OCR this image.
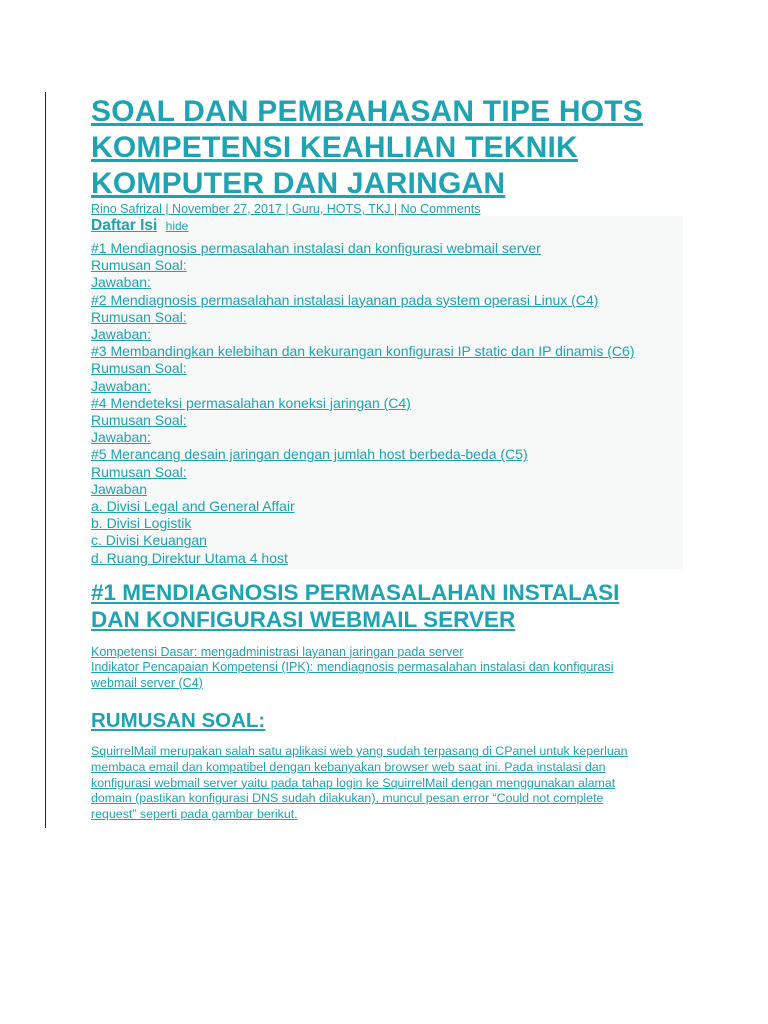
SOAL DAN PEMBAHASAN TIPE HOTS
KOMPETENSI KEAHLIAN TEKNIK
KOMPUTER DAN JARINGAN

Rino Safrizal | November 27, 2017 | Guru, HOTS, TKJ | No Comments

Daftar Isi hide
#1 Mendiagnosis permasalahan instalasi dan konfigurasi webmail server
Rumusan Soal:
Jawaban:
#2 Mendiagnosis permasalahan instalasi layanan pada system operasi Linux (C4)
Rumusan Soal:
Jawaban:
#3 Membandingkan kelebihan dan kekurangan konfigurasi IP static dan IP dinamis (C6)
Rumusan Soal:
Jawaban:
#4 Mendeteksi permasalahan koneksi jaringan (C4)
Rumusan Soal:
Jawaban:
#5 Merancang desain jaringan dengan jumlah host berbeda-beda (C5)
Rumusan Soal:
Jawaban
a. Divisi Legal and General Affair
b. Divisi Logistik
c. Divisi Keuangan
d. Ruang Direktur Utama 4 host
#1 MENDIAGNOSIS PERMASALAHAN INSTALASI
DAN KONFIGURASI WEBMAIL SERVER
Kompetensi Dasar: mengadministrasi layanan jaringan pada server
Indikator Pencapaian Kompetensi (IPK): mendiagnosis permasalahan instalasi dan konfigurasi
webmail server (C4)
RUMUSAN SOAL:
SquirrelMail merupakan salah satu aplikasi web yang sudah terpasang di CPanel untuk keperluan
membaca email dan kompatibel dengan kebanyakan browser web saat ini. Pada instalasi dan
konfigurasi webmail server yaitu pada tahap login ke SquirrelMail dengan menggunakan alamat
domain (pastikan konfigurasi DNS sudah dilakukan), muncul pesan error “Could not complete
request” seperti pada gambar berikut.
